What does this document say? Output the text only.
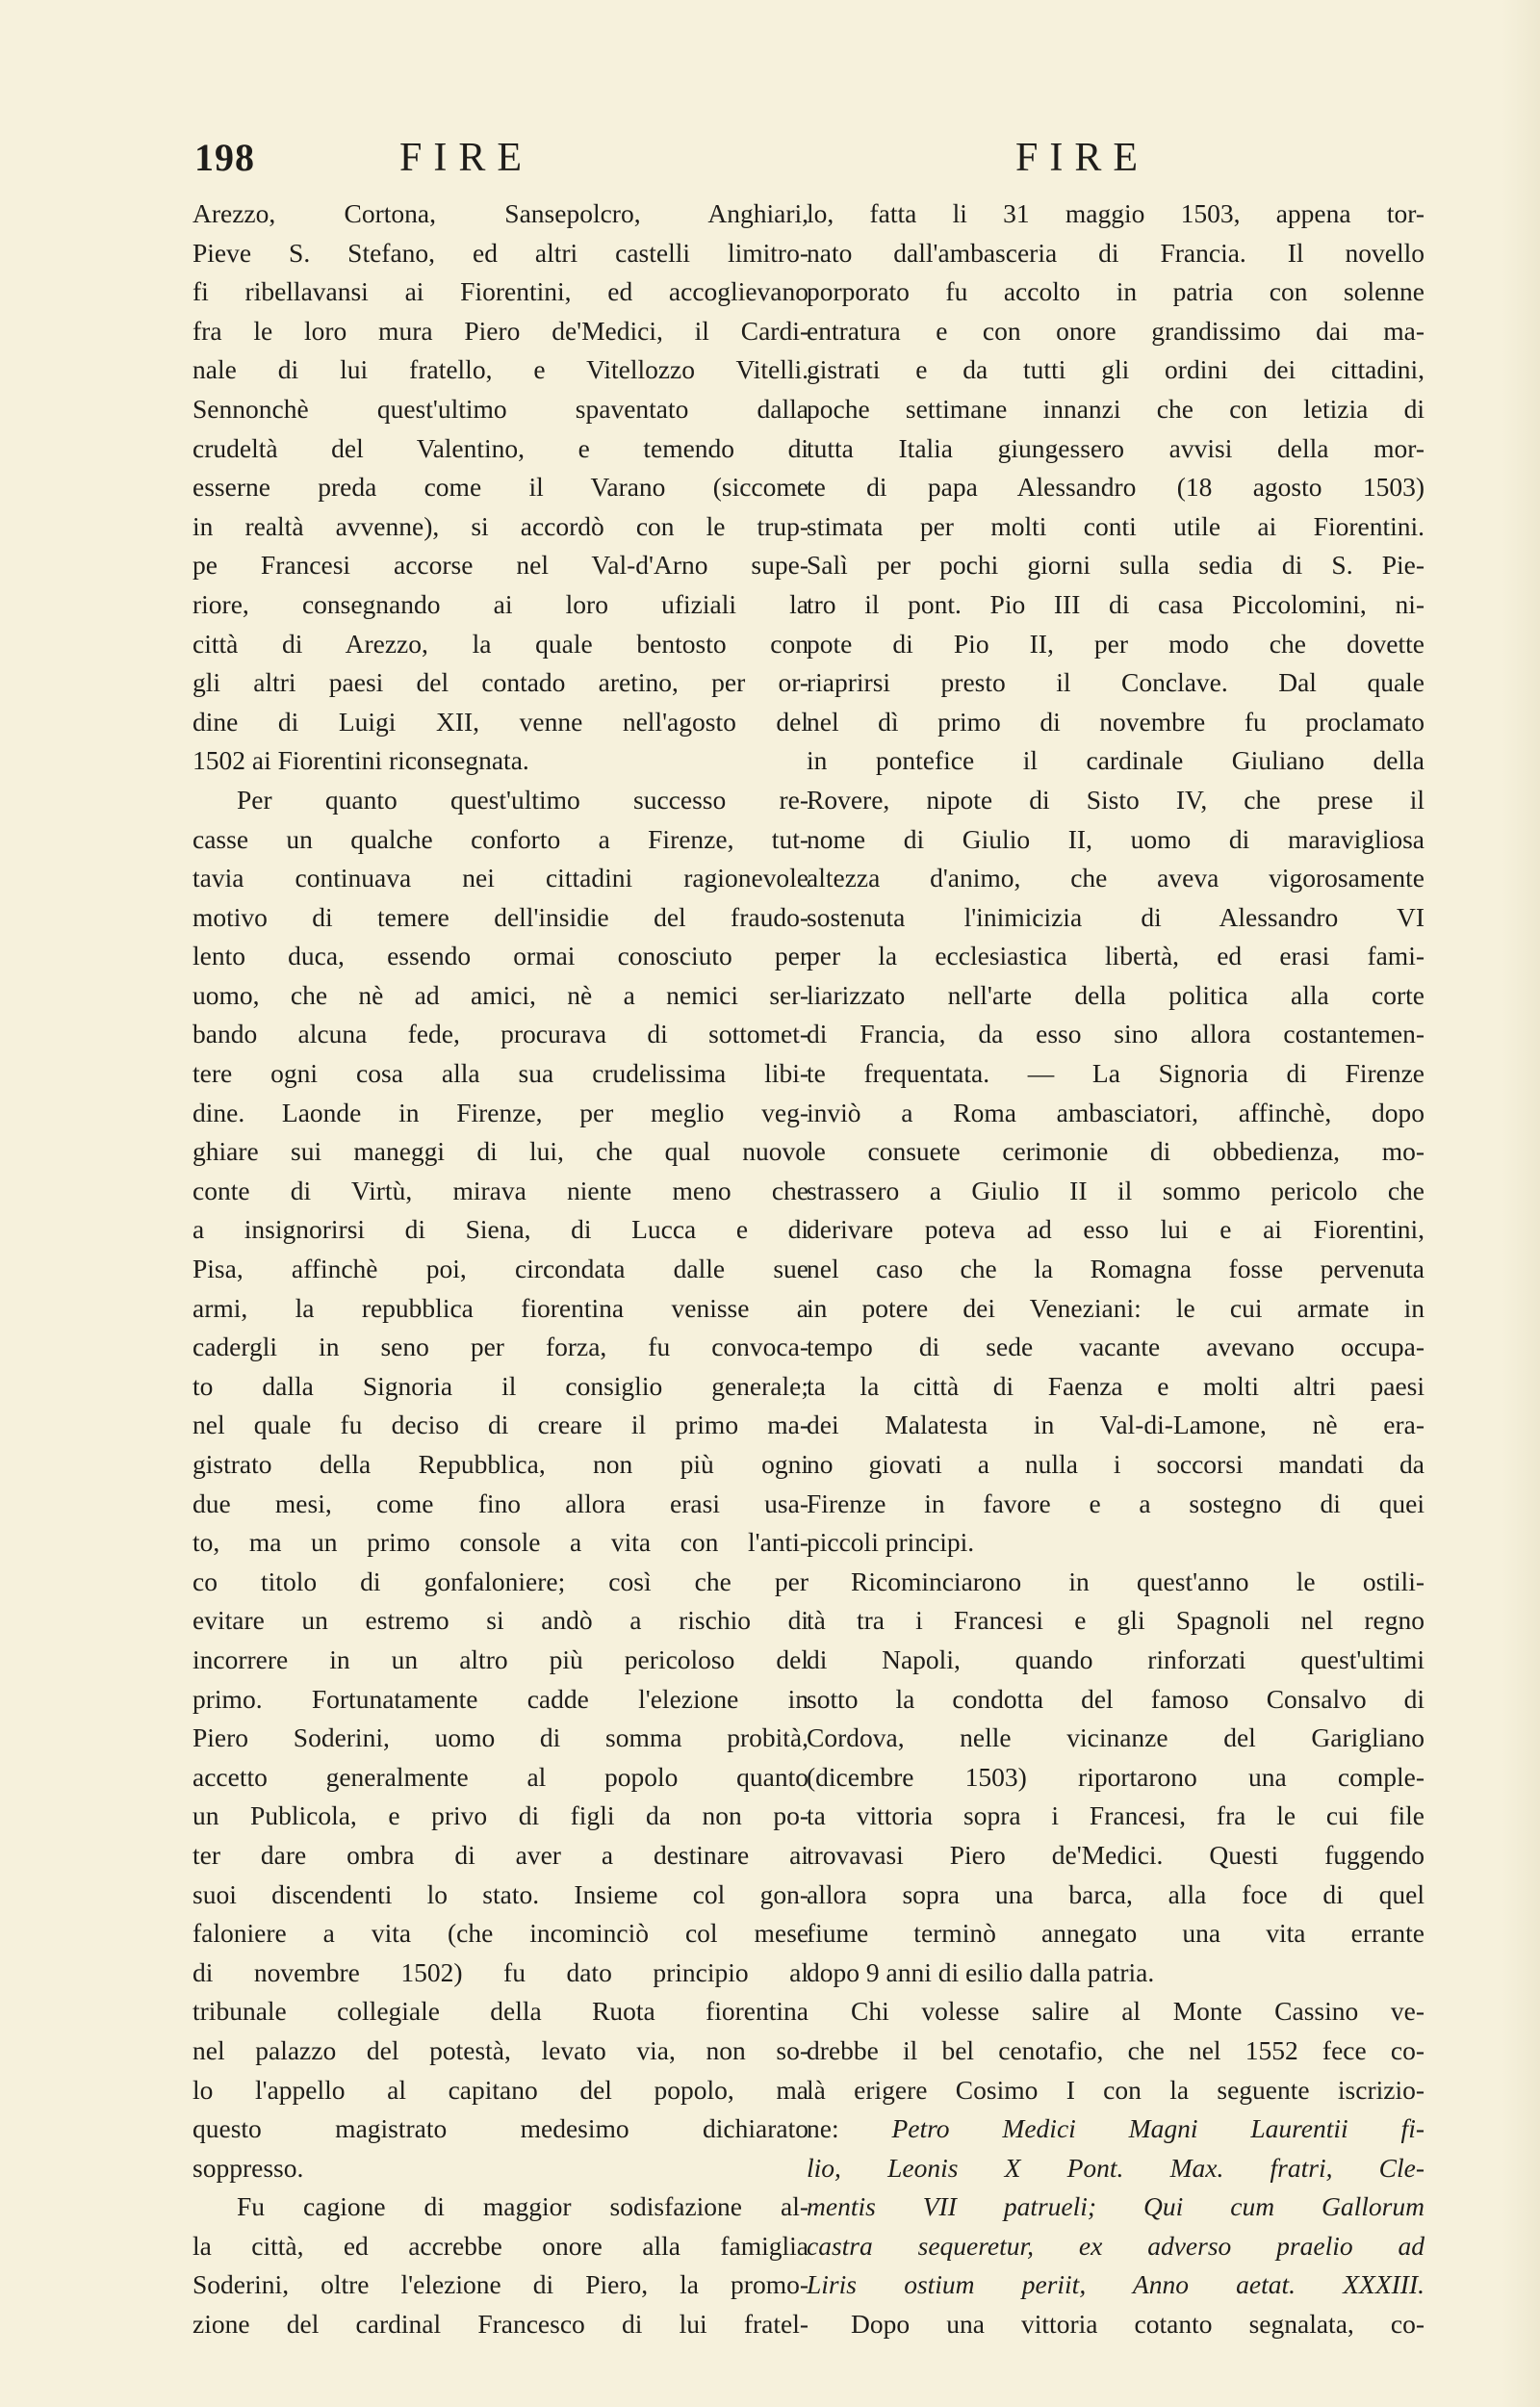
198	FIRE	FIRE
Arezzo, Cortona, Sansepolcro, Anghiari,
Pieve S. Stefano, ed altri castelli limitro-
fi ribellavansi ai Fiorentini, ed accoglievano
fra le loro mura Piero de'Medici, il Cardi-
nale di lui fratello, e Vitellozzo Vitelli.
Sennonchè quest'ultimo spaventato dalla
crudeltà del Valentino, e temendo di
esserne preda come il Varano (siccome
in realtà avvenne), si accordò con le trup-
pe Francesi accorse nel Val-d'Arno supe-
riore, consegnando ai loro ufiziali la
città di Arezzo, la quale bentosto con
gli altri paesi del contado aretino, per or-
dine di Luigi XII, venne nell'agosto del
1502 ai Fiorentini riconsegnata.
Per quanto quest'ultimo successo re-
casse un qualche conforto a Firenze, tut-
tavia continuava nei cittadini ragionevole
motivo di temere dell'insidie del fraudo-
lento duca, essendo ormai conosciuto per
uomo, che nè ad amici, nè a nemici ser-
bando alcuna fede, procurava di sottomet-
tere ogni cosa alla sua crudelissima libi-
dine. Laonde in Firenze, per meglio veg-
ghiare sui maneggi di lui, che qual nuovo
conte di Virtù, mirava niente meno che
a insignorirsi di Siena, di Lucca e di
Pisa, affinchè poi, circondata dalle sue
armi, la repubblica fiorentina venisse a
cadergli in seno per forza, fu convoca-
to dalla Signoria il consiglio generale;
nel quale fu deciso di creare il primo ma-
gistrato della Repubblica, non più ogni
due mesi, come fino allora erasi usa-
to, ma un primo console a vita con l'anti-
co titolo di gonfaloniere; così che per
evitare un estremo si andò a rischio di
incorrere in un altro più pericoloso del
primo. Fortunatamente cadde l'elezione in
Piero Soderini, uomo di somma probità,
accetto generalmente al popolo quanto
un Publicola, e privo di figli da non po-
ter dare ombra di aver a destinare ai
suoi discendenti lo stato. Insieme col gon-
faloniere a vita (che incominciò col mese
di novembre 1502) fu dato principio al
tribunale collegiale della Ruota fiorentina
nel palazzo del potestà, levato via, non so-
lo l'appello al capitano del popolo, ma
questo magistrato medesimo dichiarato
soppresso.
Fu cagione di maggior sodisfazione al-
la città, ed accrebbe onore alla famiglia
Soderini, oltre l'elezione di Piero, la promo-
zione del cardinal Francesco di lui fratel-
lo, fatta li 31 maggio 1503, appena tor-
nato dall'ambasceria di Francia. Il novello
porporato fu accolto in patria con solenne
entratura e con onore grandissimo dai ma-
gistrati e da tutti gli ordini dei cittadini,
poche settimane innanzi che con letizia di
tutta Italia giungessero avvisi della mor-
te di papa Alessandro (18 agosto 1503)
stimata per molti conti utile ai Fiorentini.
Salì per pochi giorni sulla sedia di S. Pie-
tro il pont. Pio III di casa Piccolomini, ni-
pote di Pio II, per modo che dovette
riaprirsi presto il Conclave. Dal quale
nel dì primo di novembre fu proclamato
in pontefice il cardinale Giuliano della
Rovere, nipote di Sisto IV, che prese il
nome di Giulio II, uomo di maravigliosa
altezza d'animo, che aveva vigorosamente
sostenuta l'inimicizia di Alessandro VI
per la ecclesiastica libertà, ed erasi fami-
liarizzato nell'arte della politica alla corte
di Francia, da esso sino allora costantemen-
te frequentata. — La Signoria di Firenze
inviò a Roma ambasciatori, affinchè, dopo
le consuete cerimonie di obbedienza, mo-
strassero a Giulio II il sommo pericolo che
derivare poteva ad esso lui e ai Fiorentini,
nel caso che la Romagna fosse pervenuta
in potere dei Veneziani: le cui armate in
tempo di sede vacante avevano occupa-
ta la città di Faenza e molti altri paesi
dei Malatesta in Val-di-Lamone, nè era-
no giovati a nulla i soccorsi mandati da
Firenze in favore e a sostegno di quei
piccoli principi.
Ricominciarono in quest'anno le ostili-
tà tra i Francesi e gli Spagnoli nel regno
di Napoli, quando rinforzati quest'ultimi
sotto la condotta del famoso Consalvo di
Cordova, nelle vicinanze del Garigliano
(dicembre 1503) riportarono una comple-
ta vittoria sopra i Francesi, fra le cui file
trovavasi Piero de'Medici. Questi fuggendo
allora sopra una barca, alla foce di quel
fiume terminò annegato una vita errante
dopo 9 anni di esilio dalla patria.
Chi volesse salire al Monte Cassino ve-
drebbe il bel cenotafio, che nel 1552 fece co-
là erigere Cosimo I con la seguente iscrizio-
ne: Petro Medici Magni Laurentii fi-
lio, Leonis X Pont. Max. fratri, Cle-
mentis VII patrueli; Qui cum Gallorum
castra sequeretur, ex adverso praelio ad
Liris ostium periit, Anno aetat. XXXIII.
Dopo una vittoria cotanto segnalata, co-
